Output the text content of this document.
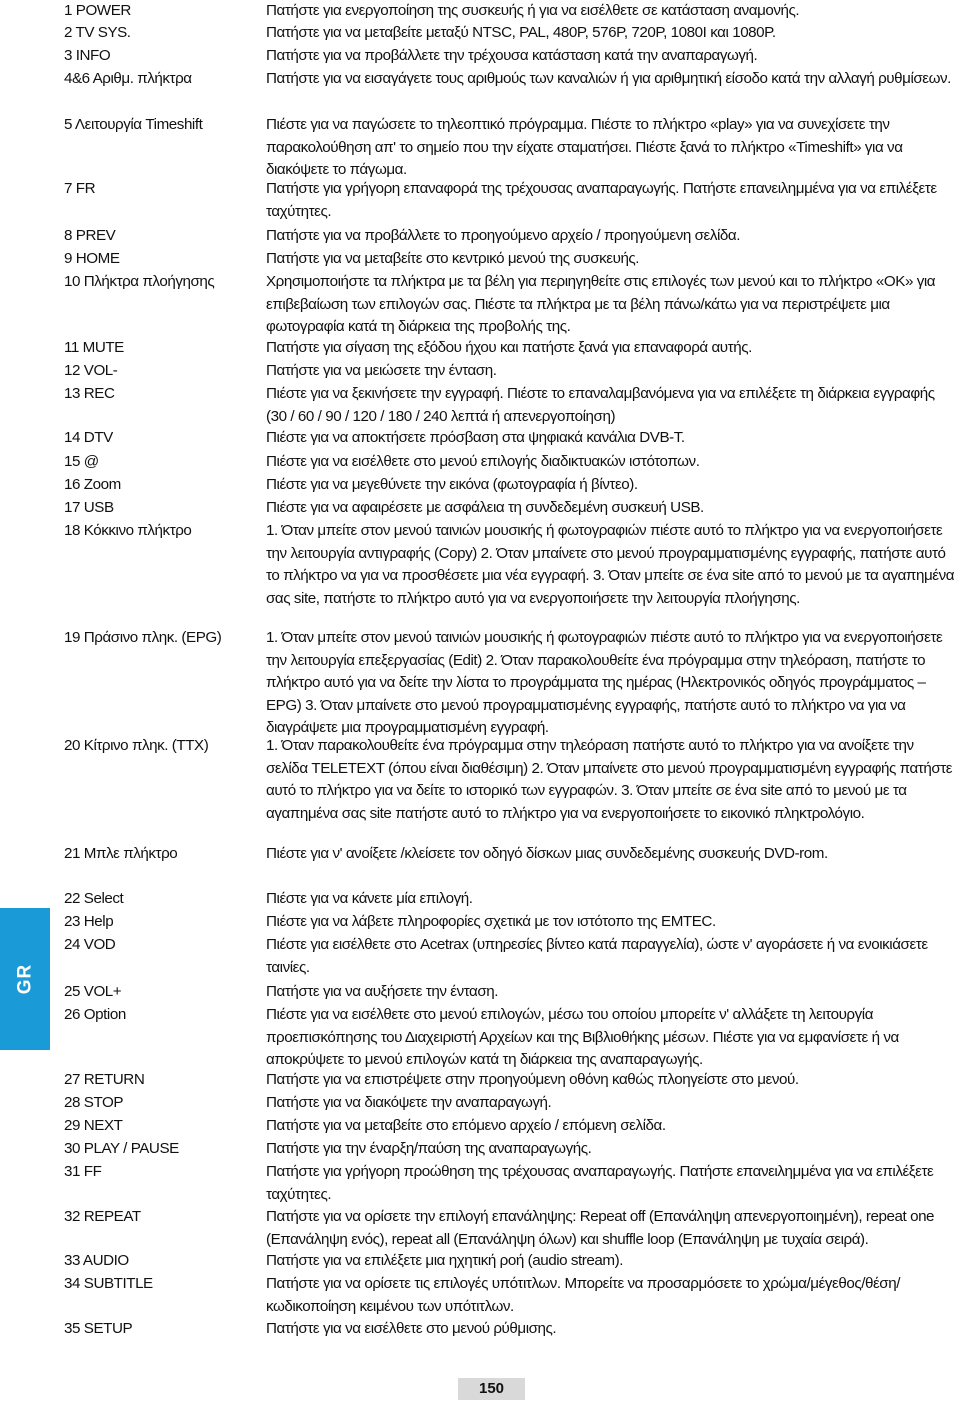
GR
1 POWER	Πατήστε για ενεργοποίηση της συσκευής ή για να εισέλθετε σε κατάσταση αναμονής.
2 TV SYS.	Πατήστε για να μεταβείτε μεταξύ NTSC, PAL, 480P, 576P, 720P, 1080I και 1080P.
3 INFO	Πατήστε για να προβάλλετε την τρέχουσα κατάσταση κατά την αναπαραγωγή.
4&6 Αριθμ. πλήκτρα	Πατήστε για να εισαγάγετε τους αριθμούς των καναλιών ή για αριθμητική είσοδο κατά την αλλαγή ρυθμίσεων.
5 Λειτουργία Timeshift	Πιέστε για να παγώσετε το τηλεοπτικό πρόγραμμα. Πιέστε το πλήκτρο «play» για να συνεχίσετε την παρακολούθηση απ' το σημείο που την είχατε σταματήσει. Πιέστε ξανά το πλήκτρο «Timeshift» για να διακόψετε το πάγωμα.
7 FR	Πατήστε για γρήγορη επαναφορά της τρέχουσας αναπαραγωγής. Πατήστε επανειλημμένα για να επιλέξετε ταχύτητες.
8 PREV	Πατήστε για να προβάλλετε το προηγούμενο αρχείο / προηγούμενη σελίδα.
9 HOME	Πατήστε για να μεταβείτε στο κεντρικό μενού της συσκευής.
10 Πλήκτρα πλοήγησης	Χρησιμοποιήστε τα πλήκτρα με τα βέλη για περιηγηθείτε στις επιλογές των μενού και το πλήκτρο «OK» για επιβεβαίωση των επιλογών σας. Πιέστε τα πλήκτρα με τα βέλη πάνω/κάτω για να περιστρέψετε μια φωτογραφία κατά τη διάρκεια της προβολής της.
11 MUTE	Πατήστε για σίγαση της εξόδου ήχου και πατήστε ξανά για επαναφορά αυτής.
12 VOL-	Πατήστε για να μειώσετε την ένταση.
13 REC	Πιέστε για να ξεκινήσετε την εγγραφή. Πιέστε το επαναλαμβανόμενα για να επιλέξετε τη διάρκεια εγγραφής (30 / 60 / 90 / 120 / 180 / 240 λεπτά ή απενεργοποίηση)
14 DTV	Πιέστε για να αποκτήσετε πρόσβαση στα ψηφιακά κανάλια DVB-T.
15 @	Πιέστε για να εισέλθετε στο μενού επιλογής διαδικτυακών ιστότοπων.
16 Zoom	Πιέστε για να μεγεθύνετε την εικόνα (φωτογραφία ή βίντεο).
17 USB	Πιέστε για να αφαιρέσετε με ασφάλεια τη συνδεδεμένη συσκευή USB.
18 Κόκκινο πλήκτρο	1. Όταν μπείτε στον μενού ταινιών μουσικής ή φωτογραφιών πιέστε αυτό το πλήκτρο για να ενεργοποιήσετε την λειτουργία αντιγραφής (Copy) 2. Όταν μπαίνετε στο μενού προγραμματισμένης εγγραφής, πατήστε αυτό το πλήκτρο να για να προσθέσετε μια νέα εγγραφή. 3. Όταν μπείτε σε ένα site από το μενού με τα αγαπημένα σας site, πατήστε το πλήκτρο αυτό για να ενεργοποιήσετε την λειτουργία πλοήγησης.
19 Πράσινο πληκ. (EPG)	1. Όταν μπείτε στον μενού ταινιών μουσικής ή φωτογραφιών πιέστε αυτό το πλήκτρο για να ενεργοποιήσετε την λειτουργία επεξεργασίας (Edit) 2. Όταν παρακολουθείτε ένα πρόγραμμα στην τηλεόραση, πατήστε το πλήκτρο αυτό για να δείτε την λίστα το προγράμματα της ημέρας (Ηλεκτρονικός οδηγός προγράμματος – EPG) 3. Όταν μπαίνετε στο μενού προγραμματισμένης εγγραφής, πατήστε αυτό το πλήκτρο να για να διαγράψετε μια προγραμματισμένη εγγραφή.
20 Κίτρινο πληκ. (TTX)	1. Όταν παρακολουθείτε ένα πρόγραμμα στην τηλεόραση πατήστε αυτό το πλήκτρο για να ανοίξετε την σελίδα TELETEXT (όπου είναι διαθέσιμη) 2. Όταν μπαίνετε στο μενού προγραμματισμένη εγγραφής πατήστε αυτό το πλήκτρο για να δείτε το ιστορικό των εγγραφών. 3. Όταν μπείτε σε ένα site από το μενού με τα αγαπημένα σας site πατήστε αυτό το πλήκτρο για να ενεργοποιήσετε το εικονικό πληκτρολόγιο.
21 Μπλε πλήκτρο	Πιέστε για ν' ανοίξετε /κλείσετε τον οδηγό δίσκων μιας συνδεδεμένης συσκευής DVD-rom.
22 Select	Πιέστε για να κάνετε μία επιλογή.
23 Help	Πιέστε για να λάβετε πληροφορίες σχετικά με τον ιστότοπο της EMTEC.
24 VOD	Πιέστε για εισέλθετε στο Acetrax (υπηρεσίες βίντεο κατά παραγγελία), ώστε ν' αγοράσετε ή να ενοικιάσετε ταινίες.
25 VOL+	Πατήστε για να αυξήσετε την ένταση.
26 Option	Πιέστε για να εισέλθετε στο μενού επιλογών, μέσω του οποίου μπορείτε ν' αλλάξετε τη λειτουργία προεπισκόπησης του Διαχειριστή Αρχείων και της Βιβλιοθήκης μέσων. Πιέστε για να εμφανίσετε ή να αποκρύψετε το μενού επιλογών κατά τη διάρκεια της αναπαραγωγής.
27 RETURN	Πατήστε για να επιστρέψετε στην προηγούμενη οθόνη καθώς πλοηγείστε στο μενού.
28 STOP	Πατήστε για να διακόψετε την αναπαραγωγή.
29 NEXT	Πατήστε για να μεταβείτε στο επόμενο αρχείο / επόμενη σελίδα.
30 PLAY / PAUSE	Πατήστε για την έναρξη/παύση της αναπαραγωγής.
31 FF	Πατήστε για γρήγορη προώθηση της τρέχουσας αναπαραγωγής. Πατήστε επανειλημμένα για να επιλέξετε ταχύτητες.
32 REPEAT	Πατήστε για να ορίσετε την επιλογή επανάληψης: Repeat off (Επανάληψη απενεργοποιημένη), repeat one (Επανάληψη ενός), repeat all (Επανάληψη όλων) και shuffle loop (Επανάληψη με τυχαία σειρά).
33 AUDIO	Πατήστε για να επιλέξετε μια ηχητική ροή (audio stream).
34 SUBTITLE	Πατήστε για να ορίσετε τις επιλογές υπότιτλων. Μπορείτε να προσαρμόσετε το χρώμα/μέγεθος/θέση/ κωδικοποίηση κειμένου των υπότιτλων.
35 SETUP	Πατήστε για να εισέλθετε στο μενού ρύθμισης.
150
